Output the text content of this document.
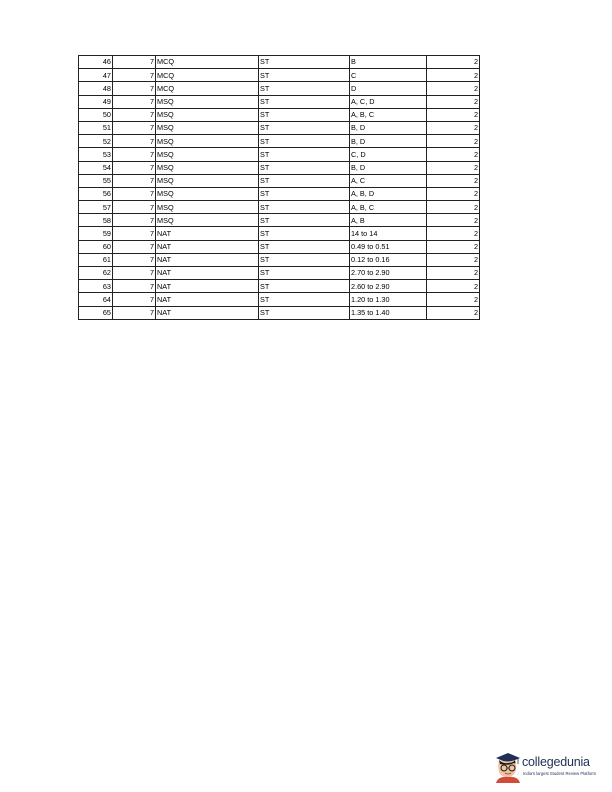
46	7	MCQ	ST	B	2
47	7	MCQ	ST	C	2
48	7	MCQ	ST	D	2
49	7	MSQ	ST	A, C, D	2
50	7	MSQ	ST	A, B, C	2
51	7	MSQ	ST	B, D	2
52	7	MSQ	ST	B, D	2
53	7	MSQ	ST	C, D	2
54	7	MSQ	ST	B, D	2
55	7	MSQ	ST	A, C	2
56	7	MSQ	ST	A, B, D	2
57	7	MSQ	ST	A, B, C	2
58	7	MSQ	ST	A, B	2
59	7	NAT	ST	14 to 14	2
60	7	NAT	ST	0.49 to 0.51	2
61	7	NAT	ST	0.12 to 0.16	2
62	7	NAT	ST	2.70 to 2.90	2
63	7	NAT	ST	2.60 to 2.90	2
64	7	NAT	ST	1.20 to 1.30	2
65	7	NAT	ST	1.35 to 1.40	2
collegedunia
India's largest Student Review Platform
